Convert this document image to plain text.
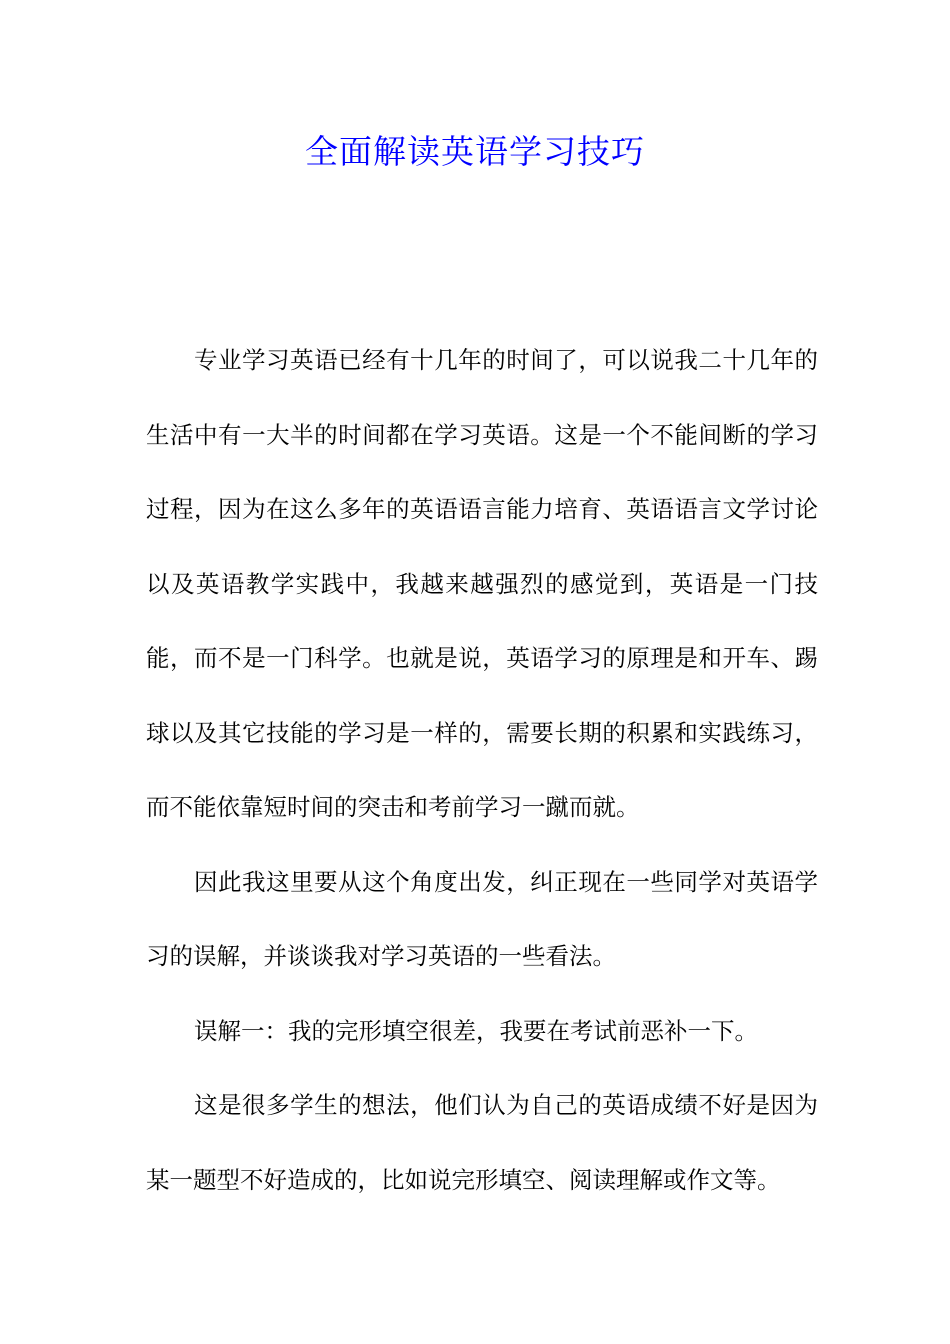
全面解读英语学习技巧

专业学习英语已经有十几年的时间了，可以说我二十几年的生活中有一大半的时间都在学习英语。这是一个不能间断的学习过程，因为在这么多年的英语语言能力培育、英语语言文学讨论以及英语教学实践中，我越来越强烈的感觉到，英语是一门技能，而不是一门科学。也就是说，英语学习的原理是和开车、踢球以及其它技能的学习是一样的，需要长期的积累和实践练习，而不能依靠短时间的突击和考前学习一蹴而就。

因此我这里要从这个角度出发，纠正现在一些同学对英语学习的误解，并谈谈我对学习英语的一些看法。

误解一：我的完形填空很差，我要在考试前恶补一下。

这是很多学生的想法，他们认为自己的英语成绩不好是因为某一题型不好造成的，比如说完形填空、阅读理解或作文等。
